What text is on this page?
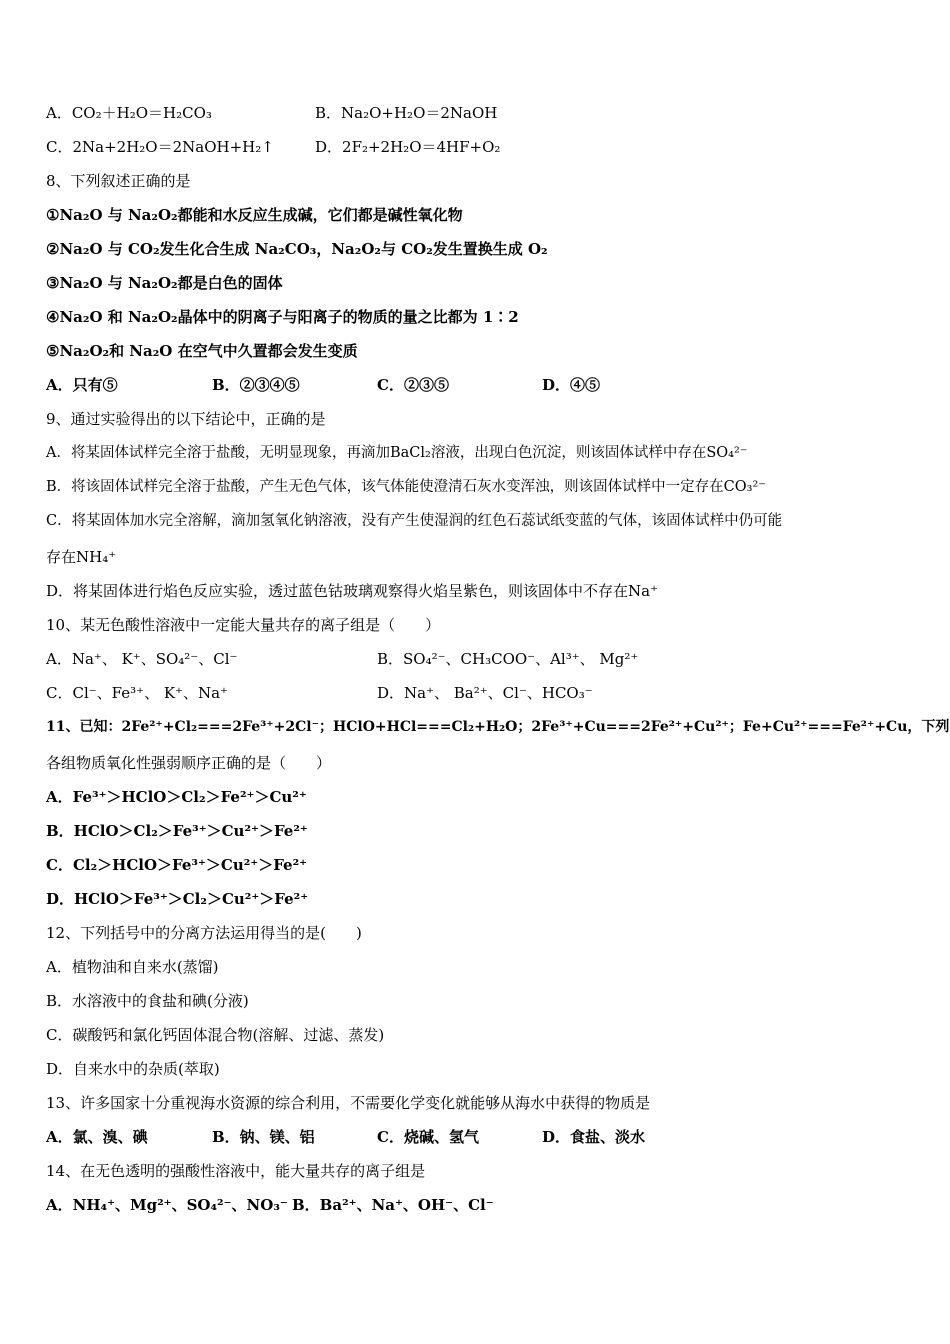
A．CO₂＋H₂O＝H₂CO₃	B．Na₂O+H₂O＝2NaOH
C．2Na+2H₂O＝2NaOH+H₂↑	D．2F₂+2H₂O＝4HF+O₂
8、下列叙述正确的是
①Na₂O 与 Na₂O₂都能和水反应生成碱，它们都是碱性氧化物
②Na₂O 与 CO₂发生化合生成 Na₂CO₃，Na₂O₂与 CO₂发生置换生成 O₂
③Na₂O 与 Na₂O₂都是白色的固体
④Na₂O 和 Na₂O₂晶体中的阴离子与阳离子的物质的量之比都为 1∶2
⑤Na₂O₂和 Na₂O 在空气中久置都会发生变质
A．只有⑤	B．②③④⑤	C．②③⑤	D．④⑤
9、通过实验得出的以下结论中，正确的是
A．将某固体试样完全溶于盐酸，无明显现象，再滴加BaCl₂溶液，出现白色沉淀，则该固体试样中存在SO₄²⁻
B．将该固体试样完全溶于盐酸，产生无色气体，该气体能使澄清石灰水变浑浊，则该固体试样中一定存在CO₃²⁻
C．将某固体加水完全溶解，滴加氢氧化钠溶液，没有产生使湿润的红色石蕊试纸变蓝的气体，该固体试样中仍可能
存在NH₄⁺
D．将某固体进行焰色反应实验，透过蓝色钴玻璃观察得火焰呈紫色，则该固体中不存在Na⁺
10、某无色酸性溶液中一定能大量共存的离子组是（　　）
A．Na⁺、 K⁺、SO₄²⁻、Cl⁻	B．SO₄²⁻、CH₃COO⁻、Al³⁺、 Mg²⁺
C．Cl⁻、Fe³⁺、 K⁺、Na⁺	D．Na⁺、 Ba²⁺、Cl⁻、HCO₃⁻
11、已知：2Fe²⁺+Cl₂===2Fe³⁺+2Cl⁻；HClO+HCl===Cl₂+H₂O；2Fe³⁺+Cu===2Fe²⁺+Cu²⁺；Fe+Cu²⁺===Fe²⁺+Cu，下列
各组物质氧化性强弱顺序正确的是（　　）
A．Fe³⁺＞HClO＞Cl₂＞Fe²⁺＞Cu²⁺
B．HClO＞Cl₂＞Fe³⁺＞Cu²⁺＞Fe²⁺
C．Cl₂＞HClO＞Fe³⁺＞Cu²⁺＞Fe²⁺
D．HClO＞Fe³⁺＞Cl₂＞Cu²⁺＞Fe²⁺
12、下列括号中的分离方法运用得当的是(　　)
A．植物油和自来水(蒸馏)
B．水溶液中的食盐和碘(分液)
C．碳酸钙和氯化钙固体混合物(溶解、过滤、蒸发)
D．自来水中的杂质(萃取)
13、许多国家十分重视海水资源的综合利用，不需要化学变化就能够从海水中获得的物质是
A．氯、溴、碘	B．钠、镁、铝	C．烧碱、氢气	D．食盐、淡水
14、在无色透明的强酸性溶液中，能大量共存的离子组是
A．NH₄⁺、Mg²⁺、SO₄²⁻、NO₃⁻ B．Ba²⁺、Na⁺、OH⁻、Cl⁻
